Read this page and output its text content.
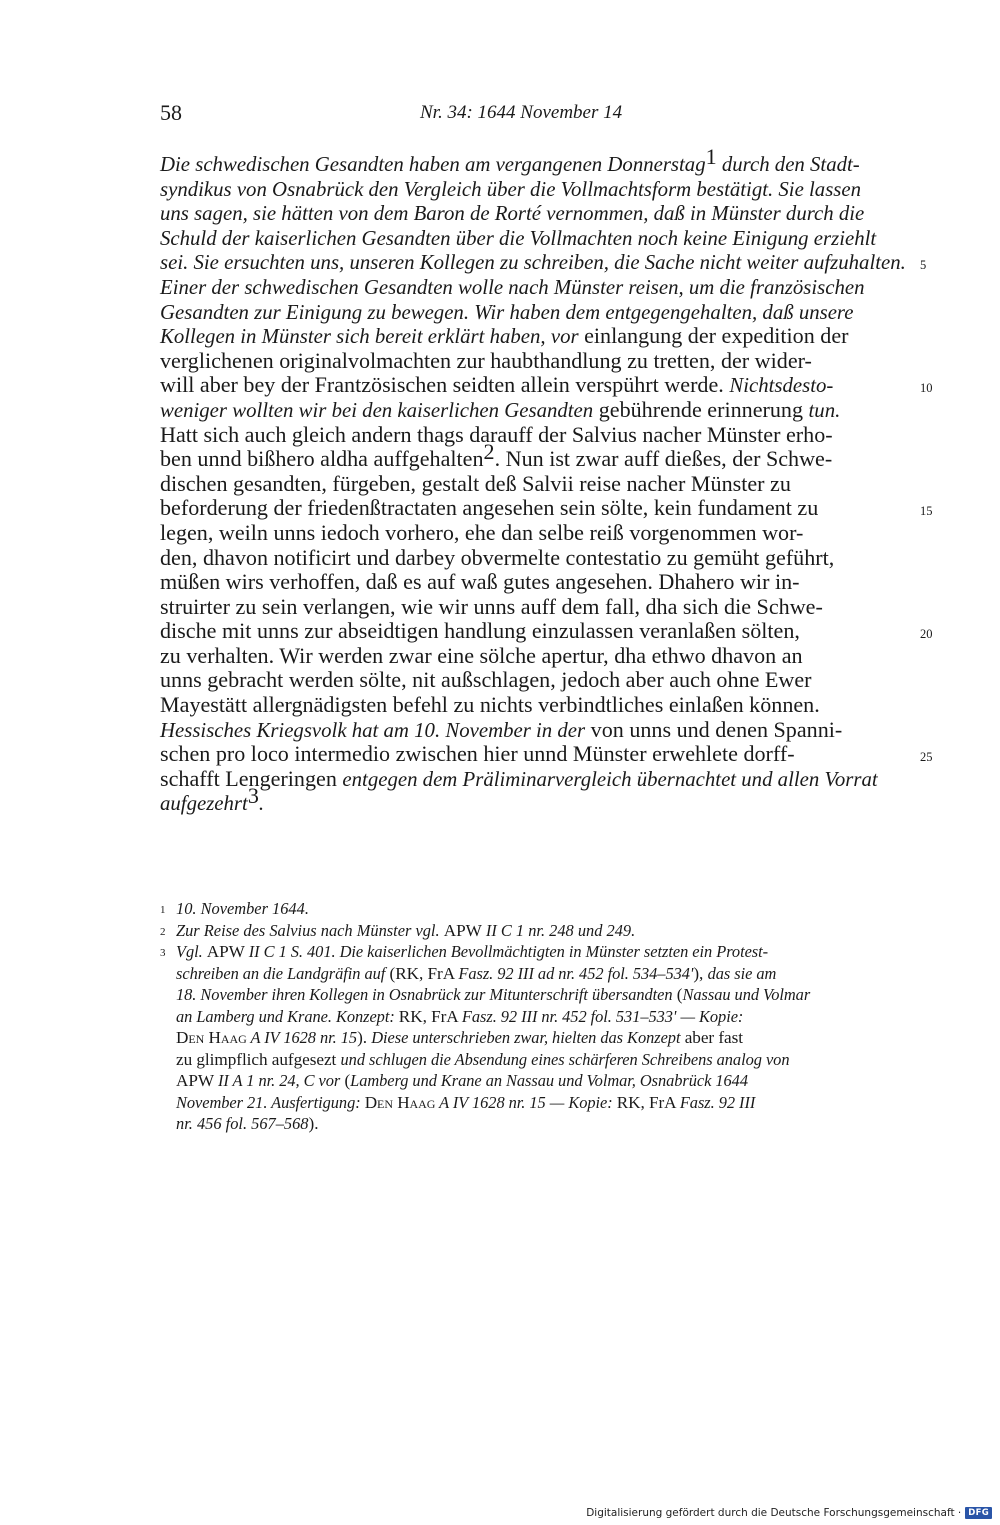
58	Nr. 34: 1644 November 14
Die schwedischen Gesandten haben am vergangenen Donnerstag$^1$ durch den Stadt-
syndikus von Osnabrück den Vergleich über die Vollmachtsform bestätigt. Sie lassen
uns sagen, sie hätten von dem Baron de Rorté vernommen, daß in Münster durch die
Schuld der kaiserlichen Gesandten über die Vollmachten noch keine Einigung erziehlt
sei. Sie ersuchten uns, unseren Kollegen zu schreiben, die Sache nicht weiter aufzuhalten.
Einer der schwedischen Gesandten wolle nach Münster reisen, um die französischen
Gesandten zur Einigung zu bewegen. Wir haben dem entgegengehalten, daß unsere
Kollegen in Münster sich bereit erklärt haben, vor einlangung der expedition der
verglichenen originalvolmachten zur haubthandlung zu tretten, der wider-
will aber bey der Frantzösischen seidten allein verspührt werde. Nichtsdesto-
weniger wollten wir bei den kaiserlichen Gesandten gebührende erinnerung tun.
Hatt sich auch gleich andern thags darauff der Salvius nacher Münster erho-
ben unnd bißhero aldha auffgehalten$^2$. Nun ist zwar auff dießes, der Schwe-
dischen gesandten, fürgeben, gestalt deß Salvii reise nacher Münster zu
beforderung der friedenßtractaten angesehen sein sölte, kein fundament zu
legen, weiln unns iedoch vorhero, ehe dan selbe reiß vorgenommen wor-
den, dhavon notificirt und darbey obvermelte contestatio zu gemüht geführt,
müßen wirs verhoffen, daß es auf waß gutes angesehen. Dhahero wir in-
struirter zu sein verlangen, wie wir unns auff dem fall, dha sich die Schwe-
dische mit unns zur abseidtigen handlung einzulassen veranlaßen sölten,
zu verhalten. Wir werden zwar eine sölche apertur, dha ethwo dhavon an
unns gebracht werden sölte, nit außschlagen, jedoch aber auch ohne Ewer
Mayestätt allergnädigsten befehl zu nichts verbindtliches einlaßen können.
Hessisches Kriegsvolk hat am 10. November in der von unns und denen Spanni-
schen pro loco intermedio zwischen hier unnd Münster erwehlete dorff-
schafft Lengeringen entgegen dem Präliminarvergleich übernachtet und allen Vorrat
aufgezehrt$^3$.
5
10
15
20
25
1 10. November 1644.
2 Zur Reise des Salvius nach Münster vgl. APW II C 1 nr. 248 und 249.
3 Vgl. APW II C 1 S. 401. Die kaiserlichen Bevollmächtigten in Münster setzten ein Protest-
schreiben an die Landgräfin auf (RK, FrA Fasz. 92 III ad nr. 452 fol. 534–534'), das sie am
18. November ihren Kollegen in Osnabrück zur Mitunterschrift übersandten (Nassau und Volmar
an Lamberg und Krane. Konzept: RK, FrA Fasz. 92 III nr. 452 fol. 531–533' — Kopie:
Den Haag A IV 1628 nr. 15). Diese unterschrieben zwar, hielten das Konzept aber fast
zu glimpflich aufgesezt und schlugen die Absendung eines schärferen Schreibens analog von
APW II A 1 nr. 24, C vor (Lamberg und Krane an Nassau und Volmar, Osnabrück 1644
November 21. Ausfertigung: Den Haag A IV 1628 nr. 15 — Kopie: RK, FrA Fasz. 92 III
nr. 456 fol. 567–568).
Digitalisierung gefördert durch die Deutsche Forschungsgemeinschaft · DFG
